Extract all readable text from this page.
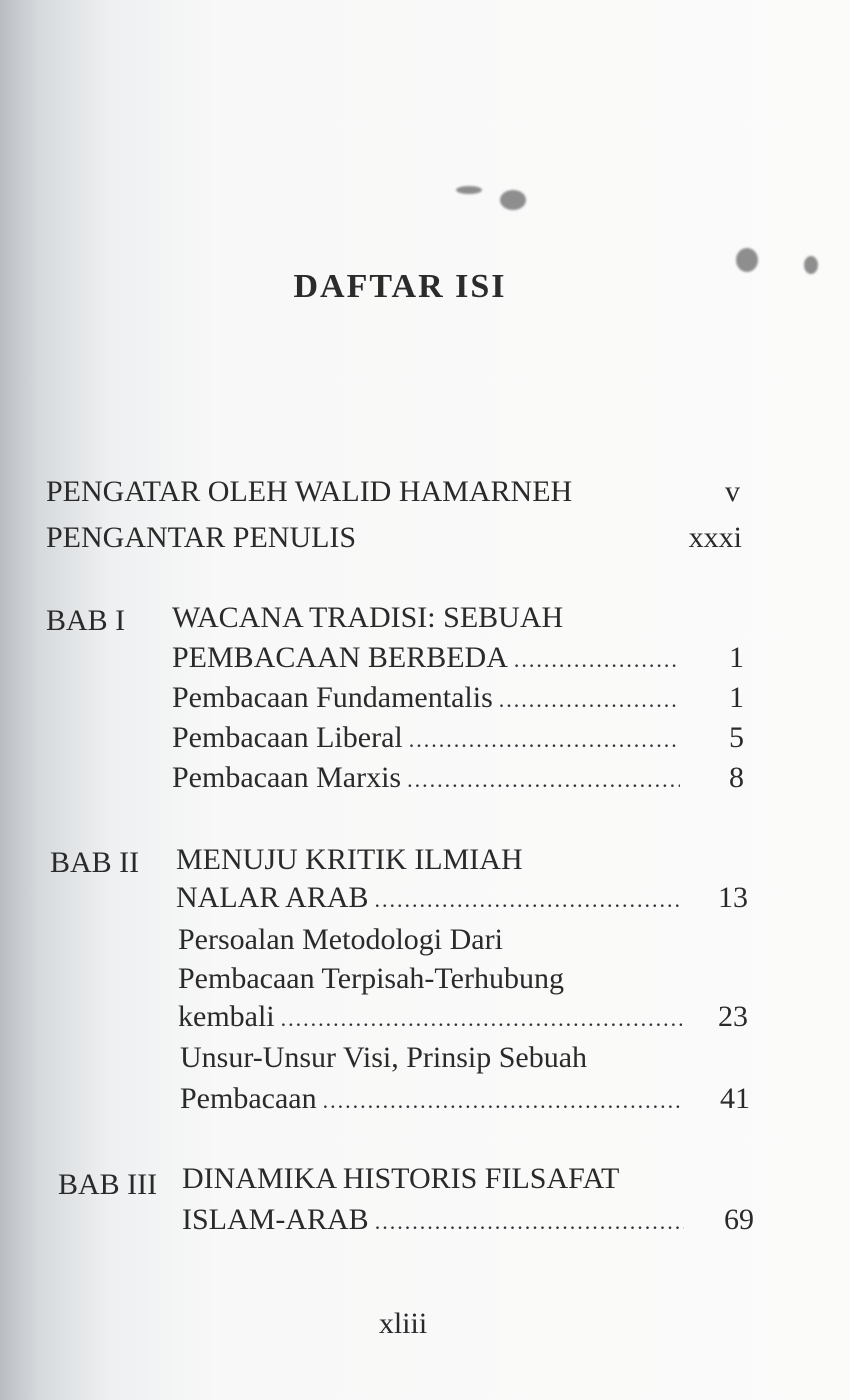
DAFTAR ISI
PENGATAR OLEH WALID HAMARNEH	v
PENGANTAR PENULIS	xxxi
BAB I WACANA TRADISI: SEBUAH
PEMBACAAN BERBEDA .....	1
Pembacaan Fundamentalis .....	1
Pembacaan Liberal .....	5
Pembacaan Marxis .....	8
BAB II MENUJU KRITIK ILMIAH
NALAR ARAB .....	13
Persoalan Metodologi Dari
Pembacaan Terpisah-Terhubung
kembali .....	23
Unsur-Unsur Visi, Prinsip Sebuah
Pembacaan .....	41
BAB III DINAMIKA HISTORIS FILSAFAT
ISLAM-ARAB .....	69
xliii
